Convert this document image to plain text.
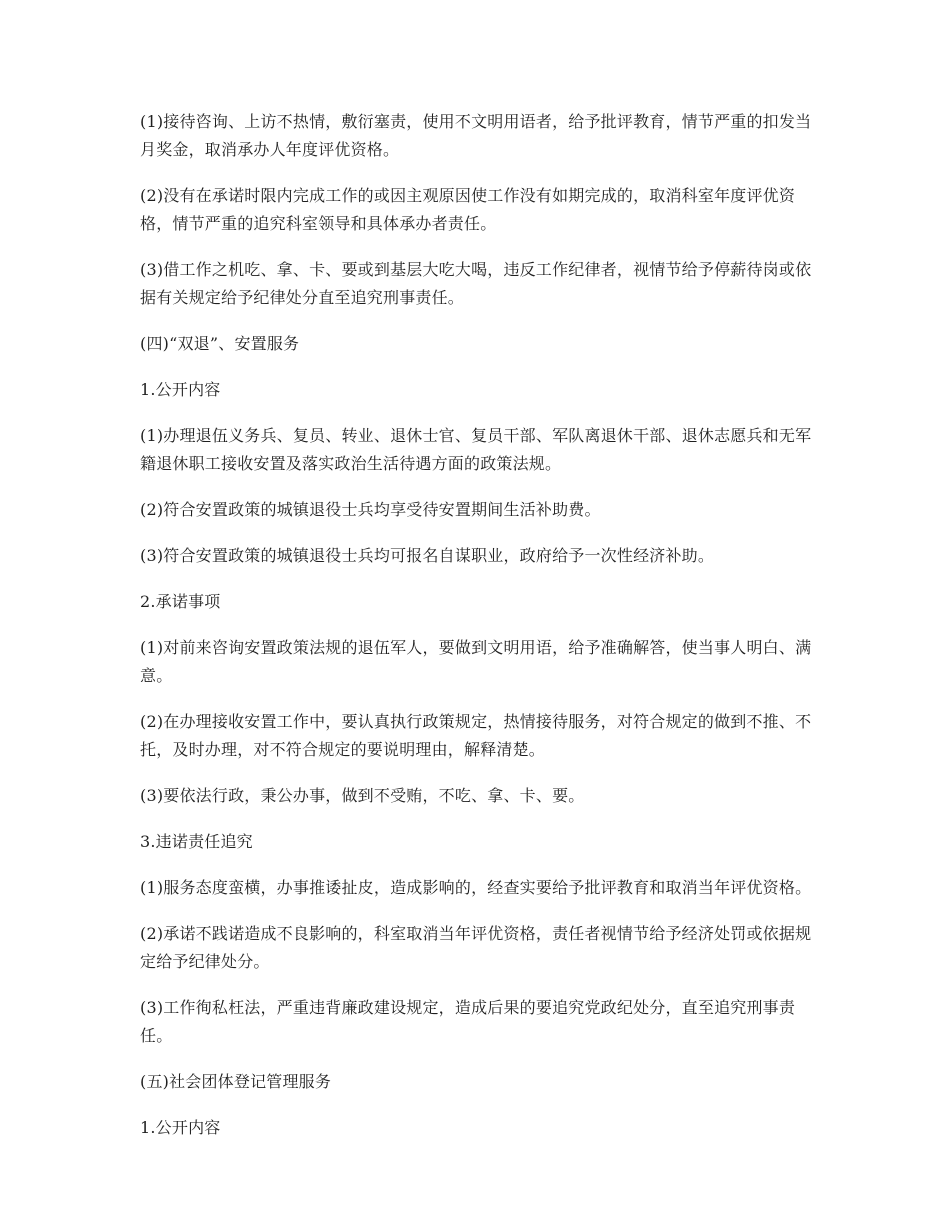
(1)接待咨询、上访不热情，敷衍塞责，使用不文明用语者，给予批评教育，情节严重的扣发当月奖金，取消承办人年度评优资格。

(2)没有在承诺时限内完成工作的或因主观原因使工作没有如期完成的，取消科室年度评优资格，情节严重的追究科室领导和具体承办者责任。

(3)借工作之机吃、拿、卡、要或到基层大吃大喝，违反工作纪律者，视情节给予停薪待岗或依据有关规定给予纪律处分直至追究刑事责任。

(四)“双退”、安置服务

1.公开内容

(1)办理退伍义务兵、复员、转业、退休士官、复员干部、军队离退休干部、退休志愿兵和无军籍退休职工接收安置及落实政治生活待遇方面的政策法规。

(2)符合安置政策的城镇退役士兵均享受待安置期间生活补助费。

(3)符合安置政策的城镇退役士兵均可报名自谋职业，政府给予一次性经济补助。

2.承诺事项

(1)对前来咨询安置政策法规的退伍军人，要做到文明用语，给予准确解答，使当事人明白、满意。

(2)在办理接收安置工作中，要认真执行政策规定，热情接待服务，对符合规定的做到不推、不托，及时办理，对不符合规定的要说明理由，解释清楚。

(3)要依法行政，秉公办事，做到不受贿，不吃、拿、卡、要。

3.违诺责任追究

(1)服务态度蛮横，办事推诿扯皮，造成影响的，经查实要给予批评教育和取消当年评优资格。

(2)承诺不践诺造成不良影响的，科室取消当年评优资格，责任者视情节给予经济处罚或依据规定给予纪律处分。

(3)工作徇私枉法，严重违背廉政建设规定，造成后果的要追究党政纪处分，直至追究刑事责任。

(五)社会团体登记管理服务

1.公开内容
